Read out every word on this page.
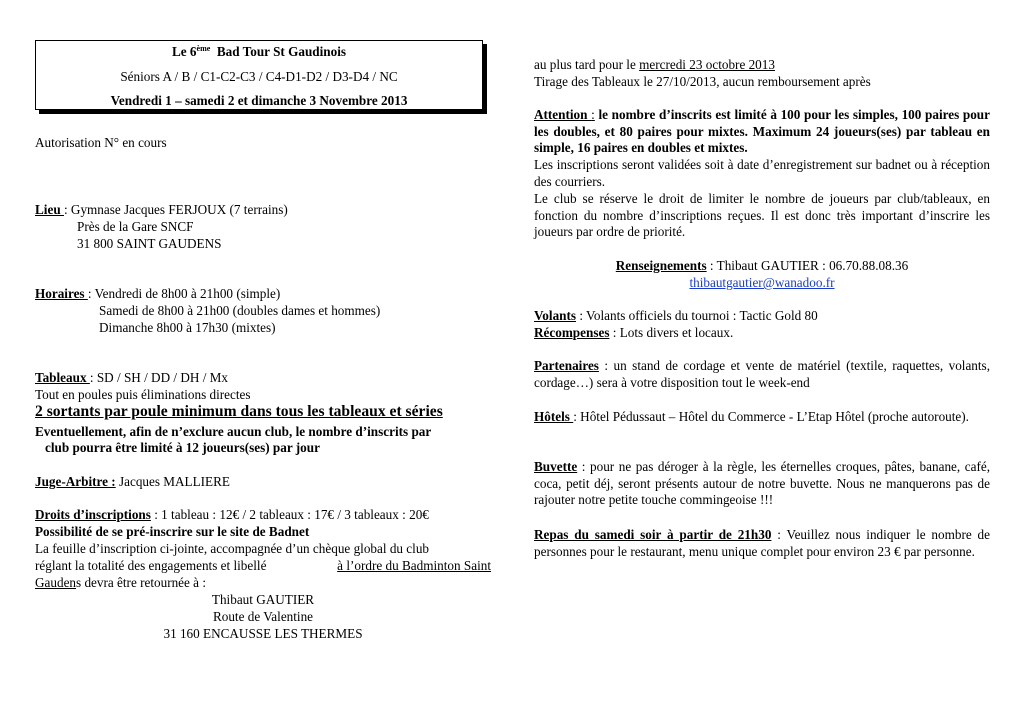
Le 6ème Bad Tour St Gaudinois
Séniors A / B / C1-C2-C3 / C4-D1-D2 / D3-D4 / NC
Vendredi 1 – samedi 2 et dimanche 3 Novembre 2013
Autorisation N° en cours
Lieu : Gymnase Jacques FERJOUX (7 terrains)
Près de la Gare SNCF
31 800 SAINT GAUDENS
Horaires : Vendredi de 8h00 à 21h00 (simple)
Samedi de 8h00 à 21h00 (doubles dames et hommes)
Dimanche 8h00 à 17h30 (mixtes)
Tableaux : SD / SH / DD / DH / Mx
Tout en poules puis éliminations directes
2 sortants par poule minimum dans tous les tableaux et séries
Eventuellement, afin de n’exclure aucun club, le nombre d’inscrits par
club pourra être limité à 12 joueurs(ses) par jour
Juge-Arbitre : Jacques MALLIERE
Droits d’inscriptions : 1 tableau : 12€ / 2 tableaux : 17€ / 3 tableaux : 20€
Possibilité de se pré-inscrire sur le site de Badnet
La feuille d’inscription ci-jointe, accompagnée d’un chèque global du club
réglant la totalité des engagements et libellé	à l’ordre du Badminton Saint
Gaudens devra être retournée à :
Thibaut GAUTIER
Route de Valentine
31 160 ENCAUSSE LES THERMES
au plus tard pour le mercredi 23 octobre 2013
Tirage des Tableaux le 27/10/2013, aucun remboursement après
Attention : le nombre d’inscrits est limité à 100 pour les simples, 100 paires pour les doubles, et 80 paires pour mixtes. Maximum 24 joueurs(ses) par tableau en simple, 16 paires en doubles et mixtes.
Les inscriptions seront validées soit à date d’enregistrement sur badnet ou à réception des courriers.
Le club se réserve le droit de limiter le nombre de joueurs par club/tableaux, en fonction du nombre d’inscriptions reçues. Il est donc très important d’inscrire les joueurs par ordre de priorité.
Renseignements : Thibaut GAUTIER : 06.70.88.08.36
thibautgautier@wanadoo.fr
Volants : Volants officiels du tournoi : Tactic Gold 80
Récompenses : Lots divers et locaux.
Partenaires : un stand de cordage et vente de matériel (textile, raquettes, volants, cordage…) sera à votre disposition tout le week-end
Hôtels : Hôtel Pédussaut – Hôtel du Commerce - L’Etap Hôtel (proche autoroute).
Buvette : pour ne pas déroger à la règle, les éternelles croques, pâtes, banane, café, coca, petit déj, seront présents autour de notre buvette. Nous ne manquerons pas de rajouter notre petite touche commingeoise !!!
Repas du samedi soir à partir de 21h30 : Veuillez nous indiquer le nombre de personnes pour le restaurant, menu unique complet pour environ 23 € par personne.
